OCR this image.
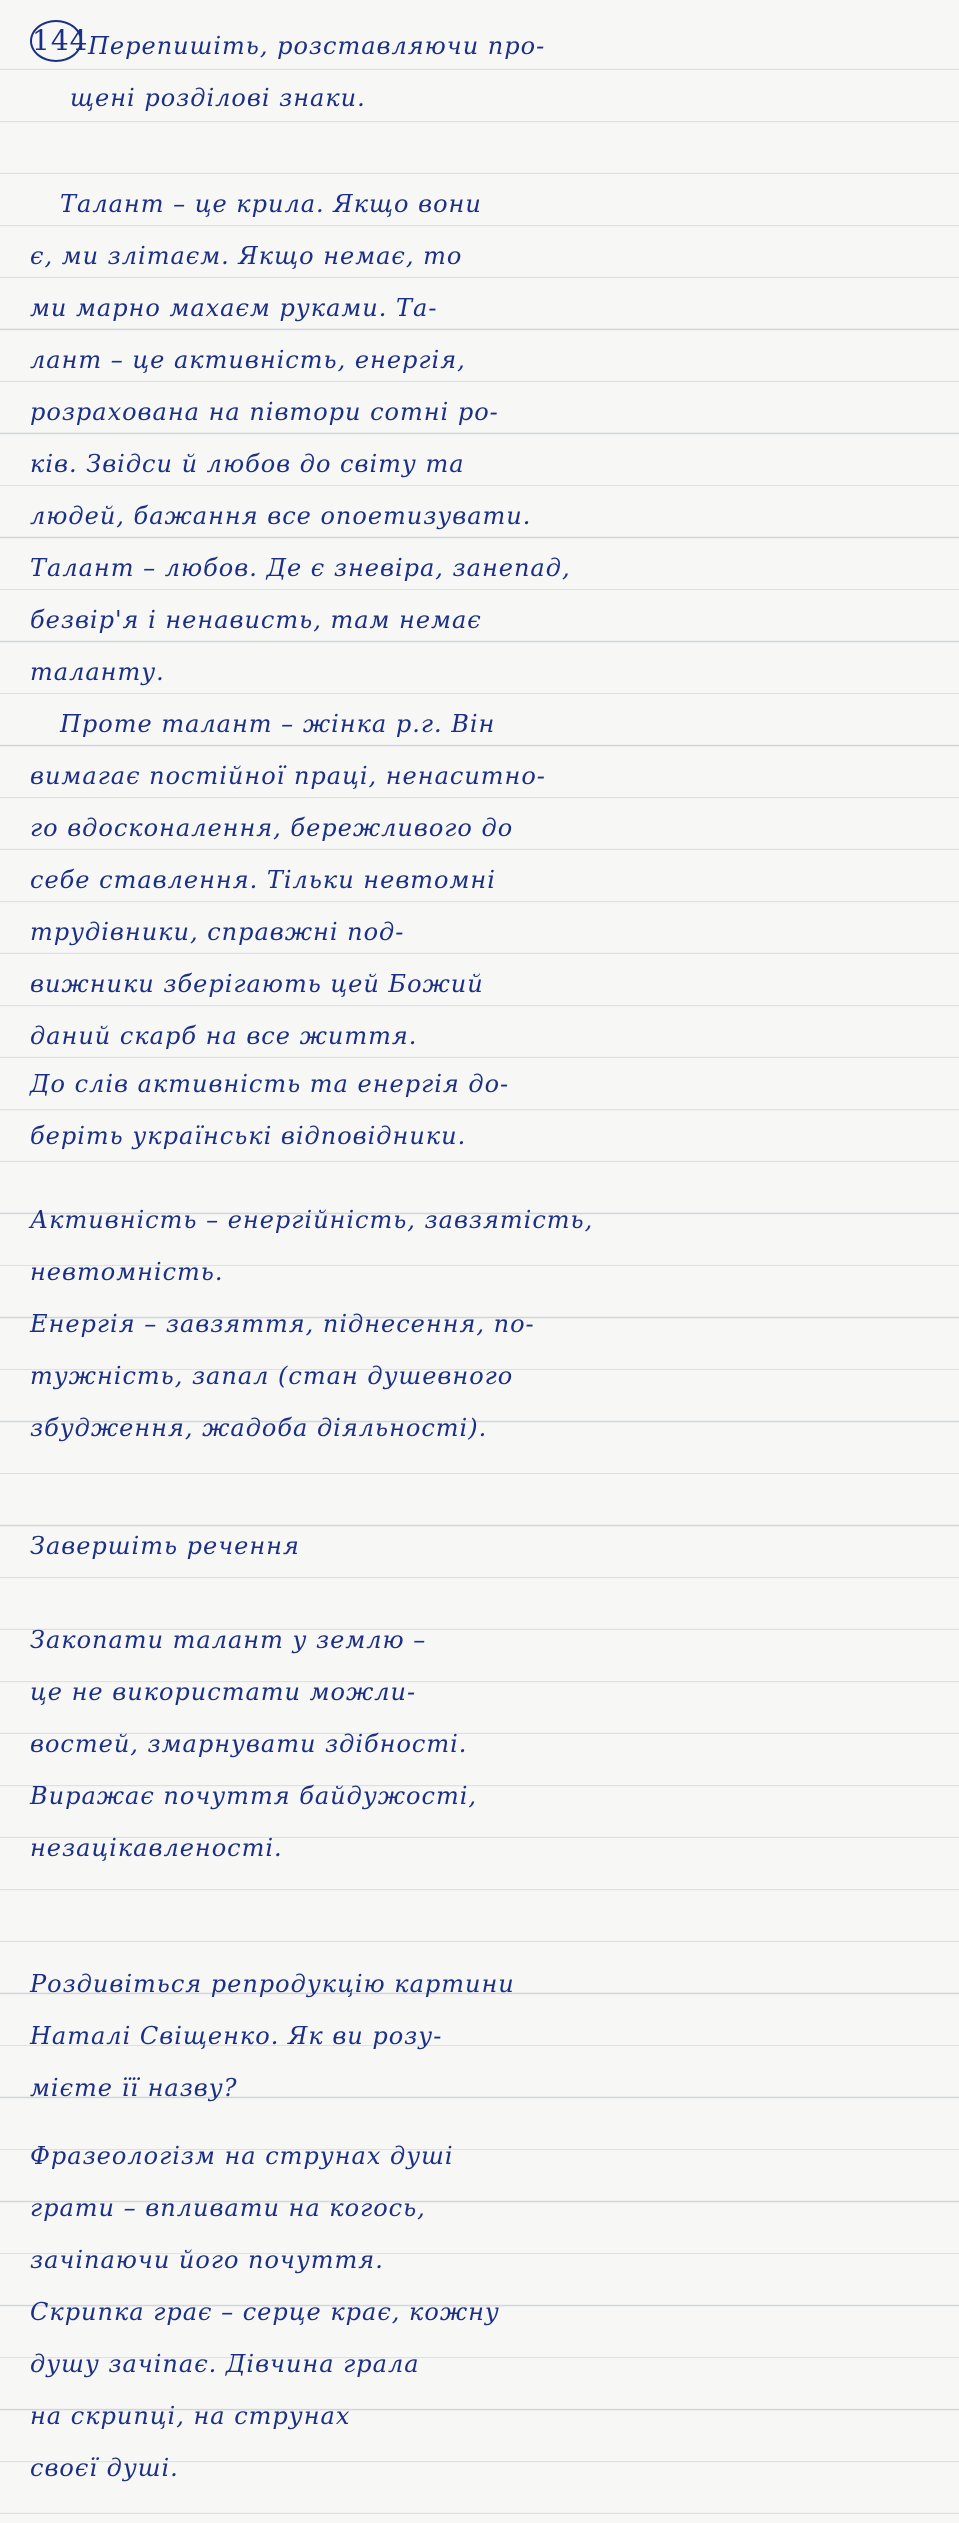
144Перепишіть, розставляючи про-
щені розділові знаки.
Талант – це крила. Якщо вони
є, ми злітаєм. Якщо немає, то
ми марно махаєм руками. Та-
лант – це активність, енергія,
розрахована на півтори сотні ро-
ків. Звідси й любов до світу та
людей, бажання все опоетизувати.
Талант – любов. Де є зневіра, занепад,
безвір'я і ненависть, там немає
таланту.
Проте талант – жінка р.г. Він
вимагає постійної праці, ненаситно-
го вдосконалення, бережливого до
себе ставлення. Тільки невтомні
трудівники, справжні под-
вижники зберігають цей Божий
даний скарб на все життя.
До слів активність та енергія до-
беріть українські відповідники.
Активність – енергійність, завзятість,
невтомність.
Енергія – завзяття, піднесення, по-
тужність, запал (стан душевного
збудження, жадоба діяльності).
Завершіть речення
Закопати талант у землю –
це не використати можли-
востей, змарнувати здібності.
Виражає почуття байдужості,
незацікавленості.
Роздивіться репродукцію картини
Наталі Свіщенко. Як ви розу-
мієте її назву?
Фразеологізм на струнах душі
грати – впливати на когось,
зачіпаючи його почуття.
Скрипка грає – серце крає, кожну
душу зачіпає. Дівчина грала
на скрипці, на струнах
своєї душі.
